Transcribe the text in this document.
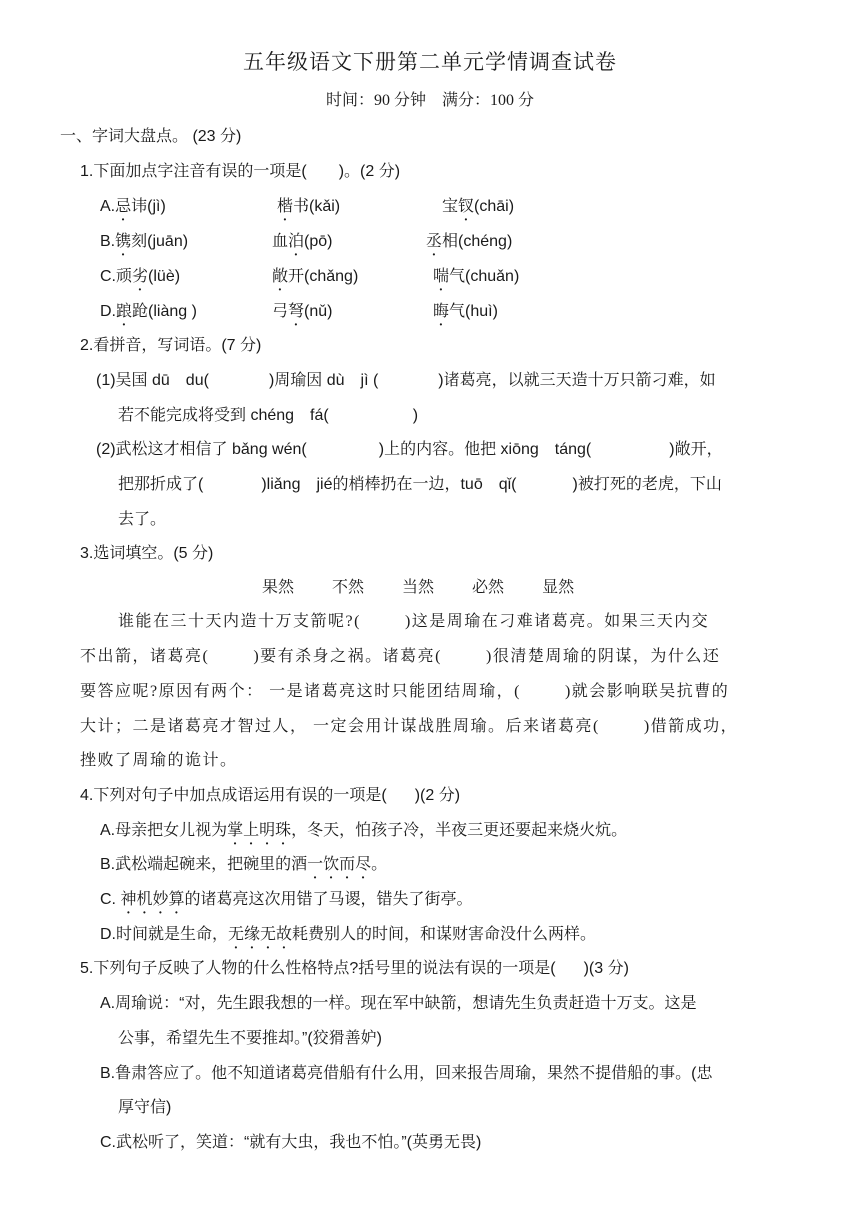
五年级语文下册第二单元学情调查试卷
时间：90 分钟　满分：100 分
一、字词大盘点。 (23 分)
1.下面加点字注音有误的一项是( )。(2 分)
A.忌讳(jì)	楷书(kǎi)	宝钗(chāi)
B.镌刻(juān)	血泊(pō)	丞相(chéng)
C.顽劣(lüè)	敞开(chǎng)	喘气(chuǎn)
D.踉跄(liàng )	弓弩(nǔ)	晦气(huì)
2.看拼音，写词语。(7 分)
(1)吴国 dū　du(	)周瑜因 dù　jì (	)诸葛亮，以就三天造十万只箭刁难，如
若不能完成将受到 chéng　fá(	)
(2)武松这才相信了 bǎng wén(	)上的内容。他把 xiōng　táng(	)敞开，
把那折成了(	)liǎng　jié的梢棒扔在一边，tuō　qǐ(	)被打死的老虎，下山
去了。
3.选词填空。(5 分)
果然 不然 当然 必然 显然
谁能在三十天内造十万支箭呢?(	)这是周瑜在刁难诸葛亮。如果三天内交
不出箭，诸葛亮(	)要有杀身之祸。诸葛亮(	)很清楚周瑜的阴谋，为什么还
要答应呢?原因有两个： 一是诸葛亮这时只能团结周瑜，(	)就会影响联吴抗曹的
大计；二是诸葛亮才智过人， 一定会用计谋战胜周瑜。后来诸葛亮(	)借箭成功，
挫败了周瑜的诡计。
4.下列对句子中加点成语运用有误的一项是( )(2 分)
A.母亲把女儿视为掌上明珠，冬天，怕孩子冷，半夜三更还要起来烧火炕。
B.武松端起碗来，把碗里的酒一饮而尽。
C. 神机妙算的诸葛亮这次用错了马谡，错失了街亭。
D.时间就是生命，无缘无故耗费别人的时间，和谋财害命没什么两样。
5.下列句子反映了人物的什么性格特点?括号里的说法有误的一项是( )(3 分)
A.周瑜说：“对，先生跟我想的一样。现在军中缺箭，想请先生负责赶造十万支。这是
公事，希望先生不要推却。”(狡猾善妒)
B.鲁肃答应了。他不知道诸葛亮借船有什么用，回来报告周瑜，果然不提借船的事。(忠
厚守信)
C.武松听了，笑道：“就有大虫，我也不怕。”(英勇无畏)
